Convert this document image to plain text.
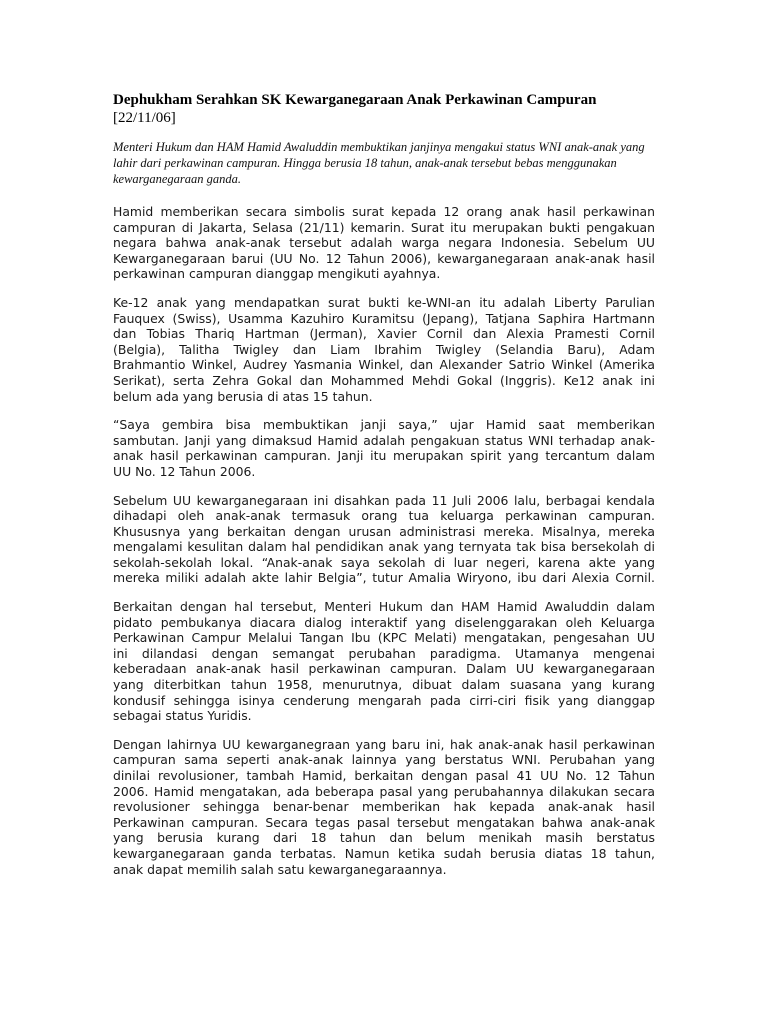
Dephukham Serahkan SK Kewarganegaraan Anak Perkawinan Campuran
[22/11/06]
Menteri Hukum dan HAM Hamid Awaluddin membuktikan janjinya mengakui status WNI anak-anak yang
lahir dari perkawinan campuran. Hingga berusia 18 tahun, anak-anak tersebut bebas menggunakan
kewarganegaraan ganda.
Hamid memberikan secara simbolis surat kepada 12 orang anak hasil perkawinan
campuran di Jakarta, Selasa (21/11) kemarin. Surat itu merupakan bukti pengakuan
negara bahwa anak-anak tersebut adalah warga negara Indonesia. Sebelum UU
Kewarganegaraan barui (UU No. 12 Tahun 2006), kewarganegaraan anak-anak hasil
perkawinan campuran dianggap mengikuti ayahnya.
Ke-12 anak yang mendapatkan surat bukti ke-WNI-an itu adalah Liberty Parulian
Fauquex (Swiss), Usamma Kazuhiro Kuramitsu (Jepang), Tatjana Saphira Hartmann
dan Tobias Thariq Hartman (Jerman), Xavier Cornil dan Alexia Pramesti Cornil
(Belgia), Talitha Twigley dan Liam Ibrahim Twigley (Selandia Baru), Adam
Brahmantio Winkel, Audrey Yasmania Winkel, dan Alexander Satrio Winkel (Amerika
Serikat), serta Zehra Gokal dan Mohammed Mehdi Gokal (Inggris). Ke12 anak ini
belum ada yang berusia di atas 15 tahun.
“Saya gembira bisa membuktikan janji saya,” ujar Hamid saat memberikan
sambutan. Janji yang dimaksud Hamid adalah pengakuan status WNI terhadap anak-
anak hasil perkawinan campuran. Janji itu merupakan spirit yang tercantum dalam
UU No. 12 Tahun 2006.
Sebelum UU kewarganegaraan ini disahkan pada 11 Juli 2006 lalu, berbagai kendala
dihadapi oleh anak-anak termasuk orang tua keluarga perkawinan campuran.
Khususnya yang berkaitan dengan urusan administrasi mereka. Misalnya, mereka
mengalami kesulitan dalam hal pendidikan anak yang ternyata tak bisa bersekolah di
sekolah-sekolah lokal. “Anak-anak saya sekolah di luar negeri, karena akte yang
mereka miliki adalah akte lahir Belgia”, tutur Amalia Wiryono, ibu dari Alexia Cornil.
Berkaitan dengan hal tersebut, Menteri Hukum dan HAM Hamid Awaluddin dalam
pidato pembukanya diacara dialog interaktif yang diselenggarakan oleh Keluarga
Perkawinan Campur Melalui Tangan Ibu (KPC Melati) mengatakan, pengesahan UU
ini dilandasi dengan semangat perubahan paradigma. Utamanya mengenai
keberadaan anak-anak hasil perkawinan campuran. Dalam UU kewarganegaraan
yang diterbitkan tahun 1958, menurutnya, dibuat dalam suasana yang kurang
kondusif sehingga isinya cenderung mengarah pada cirri-ciri fisik yang dianggap
sebagai status Yuridis.
Dengan lahirnya UU kewarganegraan yang baru ini, hak anak-anak hasil perkawinan
campuran sama seperti anak-anak lainnya yang berstatus WNI. Perubahan yang
dinilai revolusioner, tambah Hamid, berkaitan dengan pasal 41 UU No. 12 Tahun
2006. Hamid mengatakan, ada beberapa pasal yang perubahannya dilakukan secara
revolusioner sehingga benar-benar memberikan hak kepada anak-anak hasil
Perkawinan campuran. Secara tegas pasal tersebut mengatakan bahwa anak-anak
yang berusia kurang dari 18 tahun dan belum menikah masih berstatus
kewarganegaraan ganda terbatas. Namun ketika sudah berusia diatas 18 tahun,
anak dapat memilih salah satu kewarganegaraannya.
